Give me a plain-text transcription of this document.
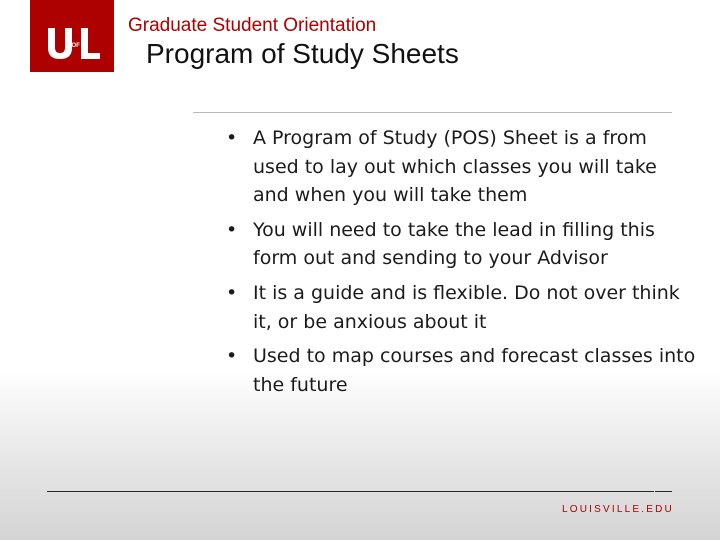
OF
Graduate Student Orientation
Program of Study Sheets
• A Program of Study (POS) Sheet is a from used to lay out which classes you will take and when you will take them
• You will need to take the lead in filling this form out and sending to your Advisor
• It is a guide and is flexible. Do not over think it, or be anxious about it
• Used to map courses and forecast classes into the future
LOUISVILLE.EDU
